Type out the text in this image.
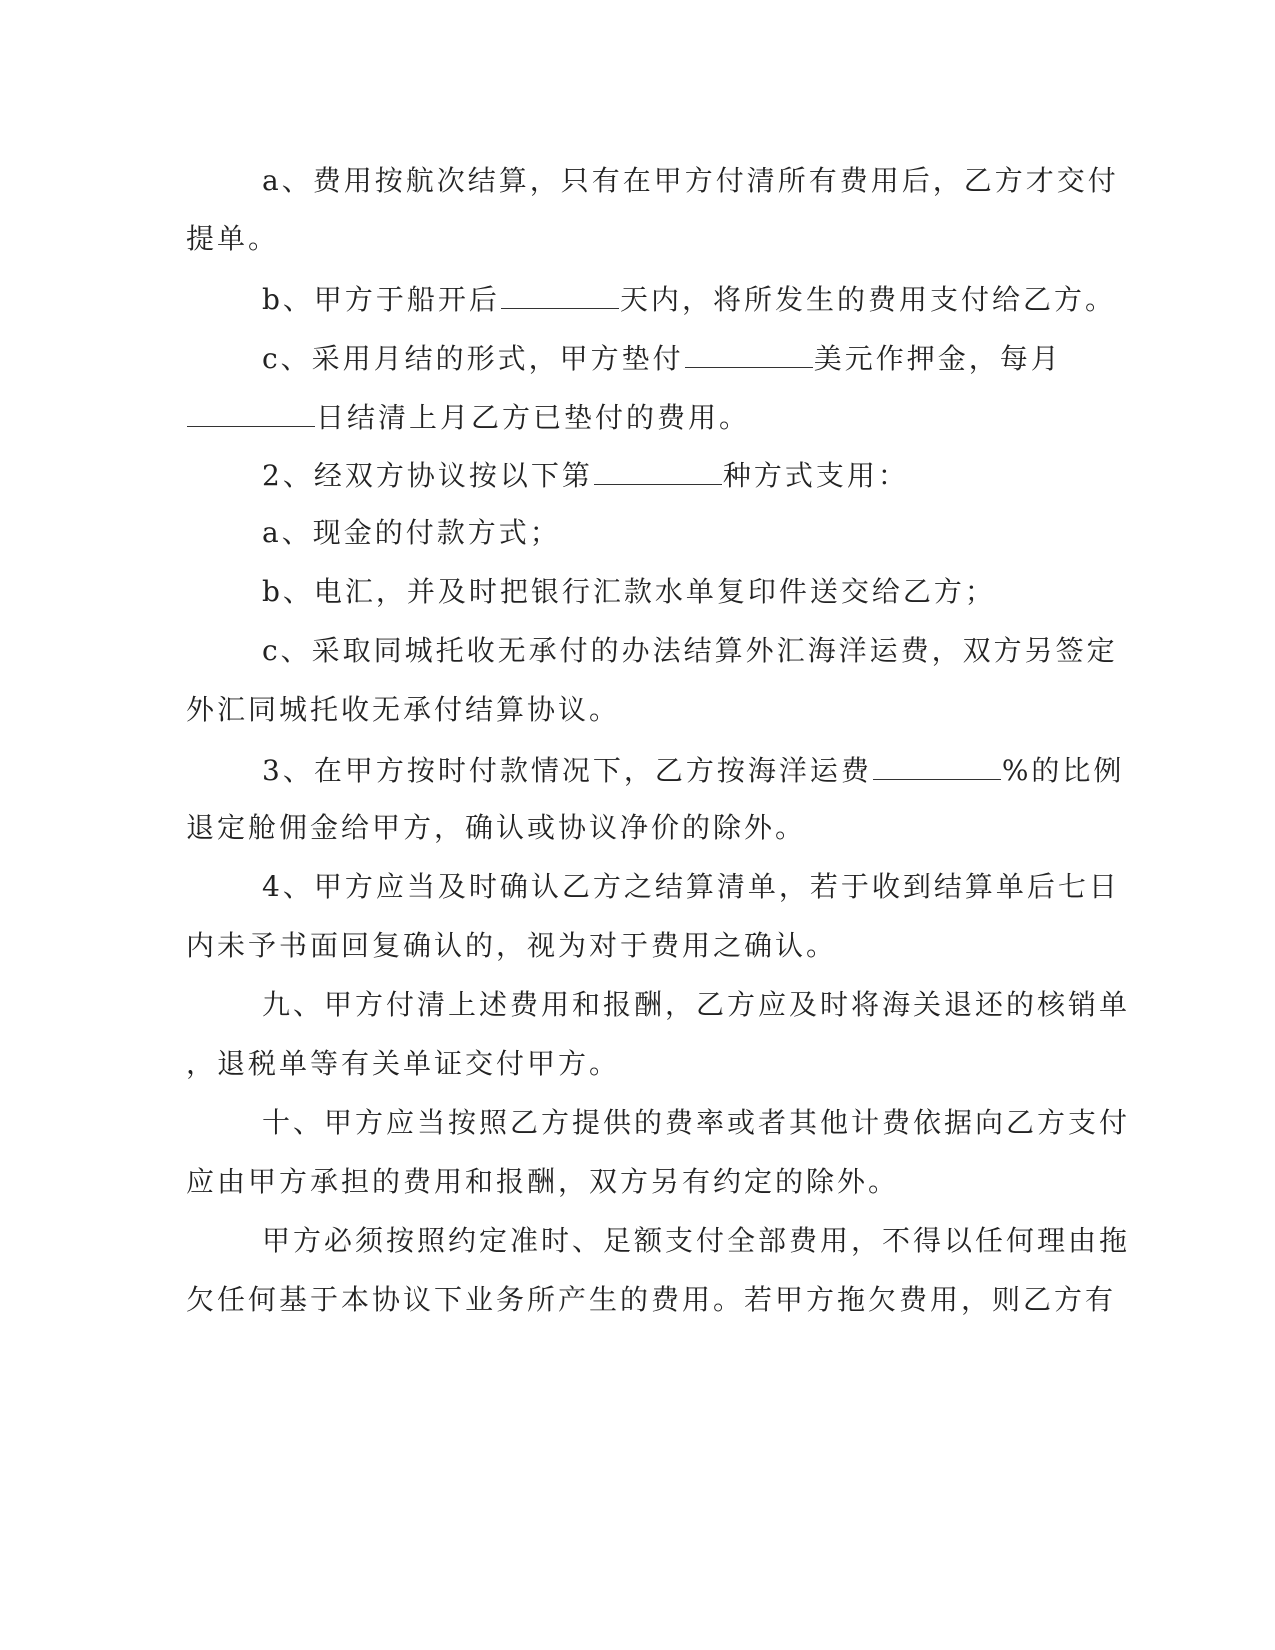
a、费用按航次结算，只有在甲方付清所有费用后，乙方才交付
提单。
b、甲方于船开后	天内，将所发生的费用支付给乙方。
c、采用月结的形式，甲方垫付	美元作押金，每月
日结清上月乙方已垫付的费用。
2、经双方协议按以下第	种方式支用：
a、现金的付款方式；
b、电汇，并及时把银行汇款水单复印件送交给乙方；
c、采取同城托收无承付的办法结算外汇海洋运费，双方另签定
外汇同城托收无承付结算协议。
3、在甲方按时付款情况下，乙方按海洋运费	%的比例
退定舱佣金给甲方，确认或协议净价的除外。
4、甲方应当及时确认乙方之结算清单，若于收到结算单后七日
内未予书面回复确认的，视为对于费用之确认。
九、甲方付清上述费用和报酬，乙方应及时将海关退还的核销单
，退税单等有关单证交付甲方。
十、甲方应当按照乙方提供的费率或者其他计费依据向乙方支付
应由甲方承担的费用和报酬，双方另有约定的除外。
甲方必须按照约定准时、足额支付全部费用，不得以任何理由拖
欠任何基于本协议下业务所产生的费用。若甲方拖欠费用，则乙方有
